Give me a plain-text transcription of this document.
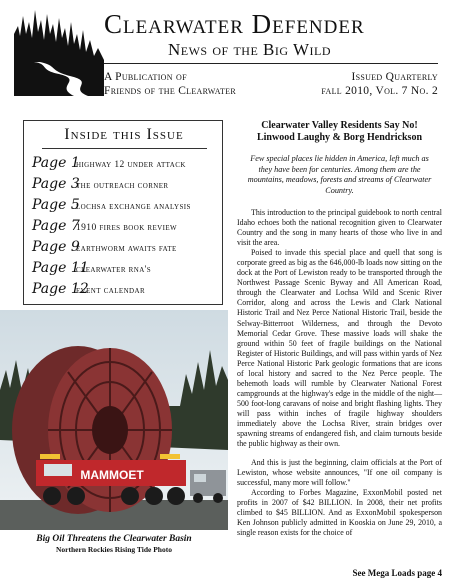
Clearwater Defender
News of the Big Wild
A Publication of
Friends of the Clearwater
Issued Quarterly
fall 2010, Vol. 7 No. 2
Inside this Issue
Page 1
highway 12 under attack
Page 3
the outreach corner
Page 5
lochsa exchange analysis
Page 7
1910 fires book review
Page 9
earthworm awaits fate
Page 11
clearwater rna's
Page 12
event calendar
MAMMOET
Big Oil Threatens the Clearwater Basin
Northern Rockies Rising Tide Photo
Clearwater Valley Residents Say No!
Linwood Laughy & Borg Hendrickson
Few special places lie hidden in America, left much as they have been for centuries. Among them are the mountains, meadows, forests and streams of Clearwater Country.

This introduction to the principal guidebook to north central Idaho echoes both the national recognition given to Clearwater Country and the song in many hearts of those who live in and visit the area.

Poised to invade this special place and quell that song is corporate greed as big as the 646,000-lb loads now sitting on the dock at the Port of Lewiston ready to be transported through the Northwest Passage Scenic Byway and All American Road, through the Clearwater and Lochsa Wild and Scenic River Corridor, along and across the Lewis and Clark National Historic Trail and Nez Perce National Historic Trail, beside the Selway-Bitterroot Wilderness, and through the Devoto Memorial Cedar Grove. These massive loads will shake the ground within 50 feet of fragile buildings on the National Register of Historic Buildings, and will pass within yards of Nez Perce National Historic Park geologic formations that are icons of local history and sacred to the Nez Perce people. The behemoth loads will rumble by Clearwater National Forest campgrounds at the highway's edge in the middle of the night—500 foot-long caravans of noise and bright flashing lights. They will pass within inches of fragile highway shoulders immediately above the Lochsa River, strain bridges over spawning streams of endangered fish, and claim turnouts beside the public highway as their own.

And this is just the beginning, claim officials at the Port of Lewiston, whose website announces, "If one oil company is successful, many more will follow."

According to Forbes Magazine, ExxonMobil posted net profits in 2007 of $42 BILLION. In 2008, their net profits climbed to $45 BILLION. And as ExxonMobil spokesperson Ken Johnson publicly admitted in Kooskia on June 29, 2010, a single reason exists for the choice of

See Mega Loads page 4
